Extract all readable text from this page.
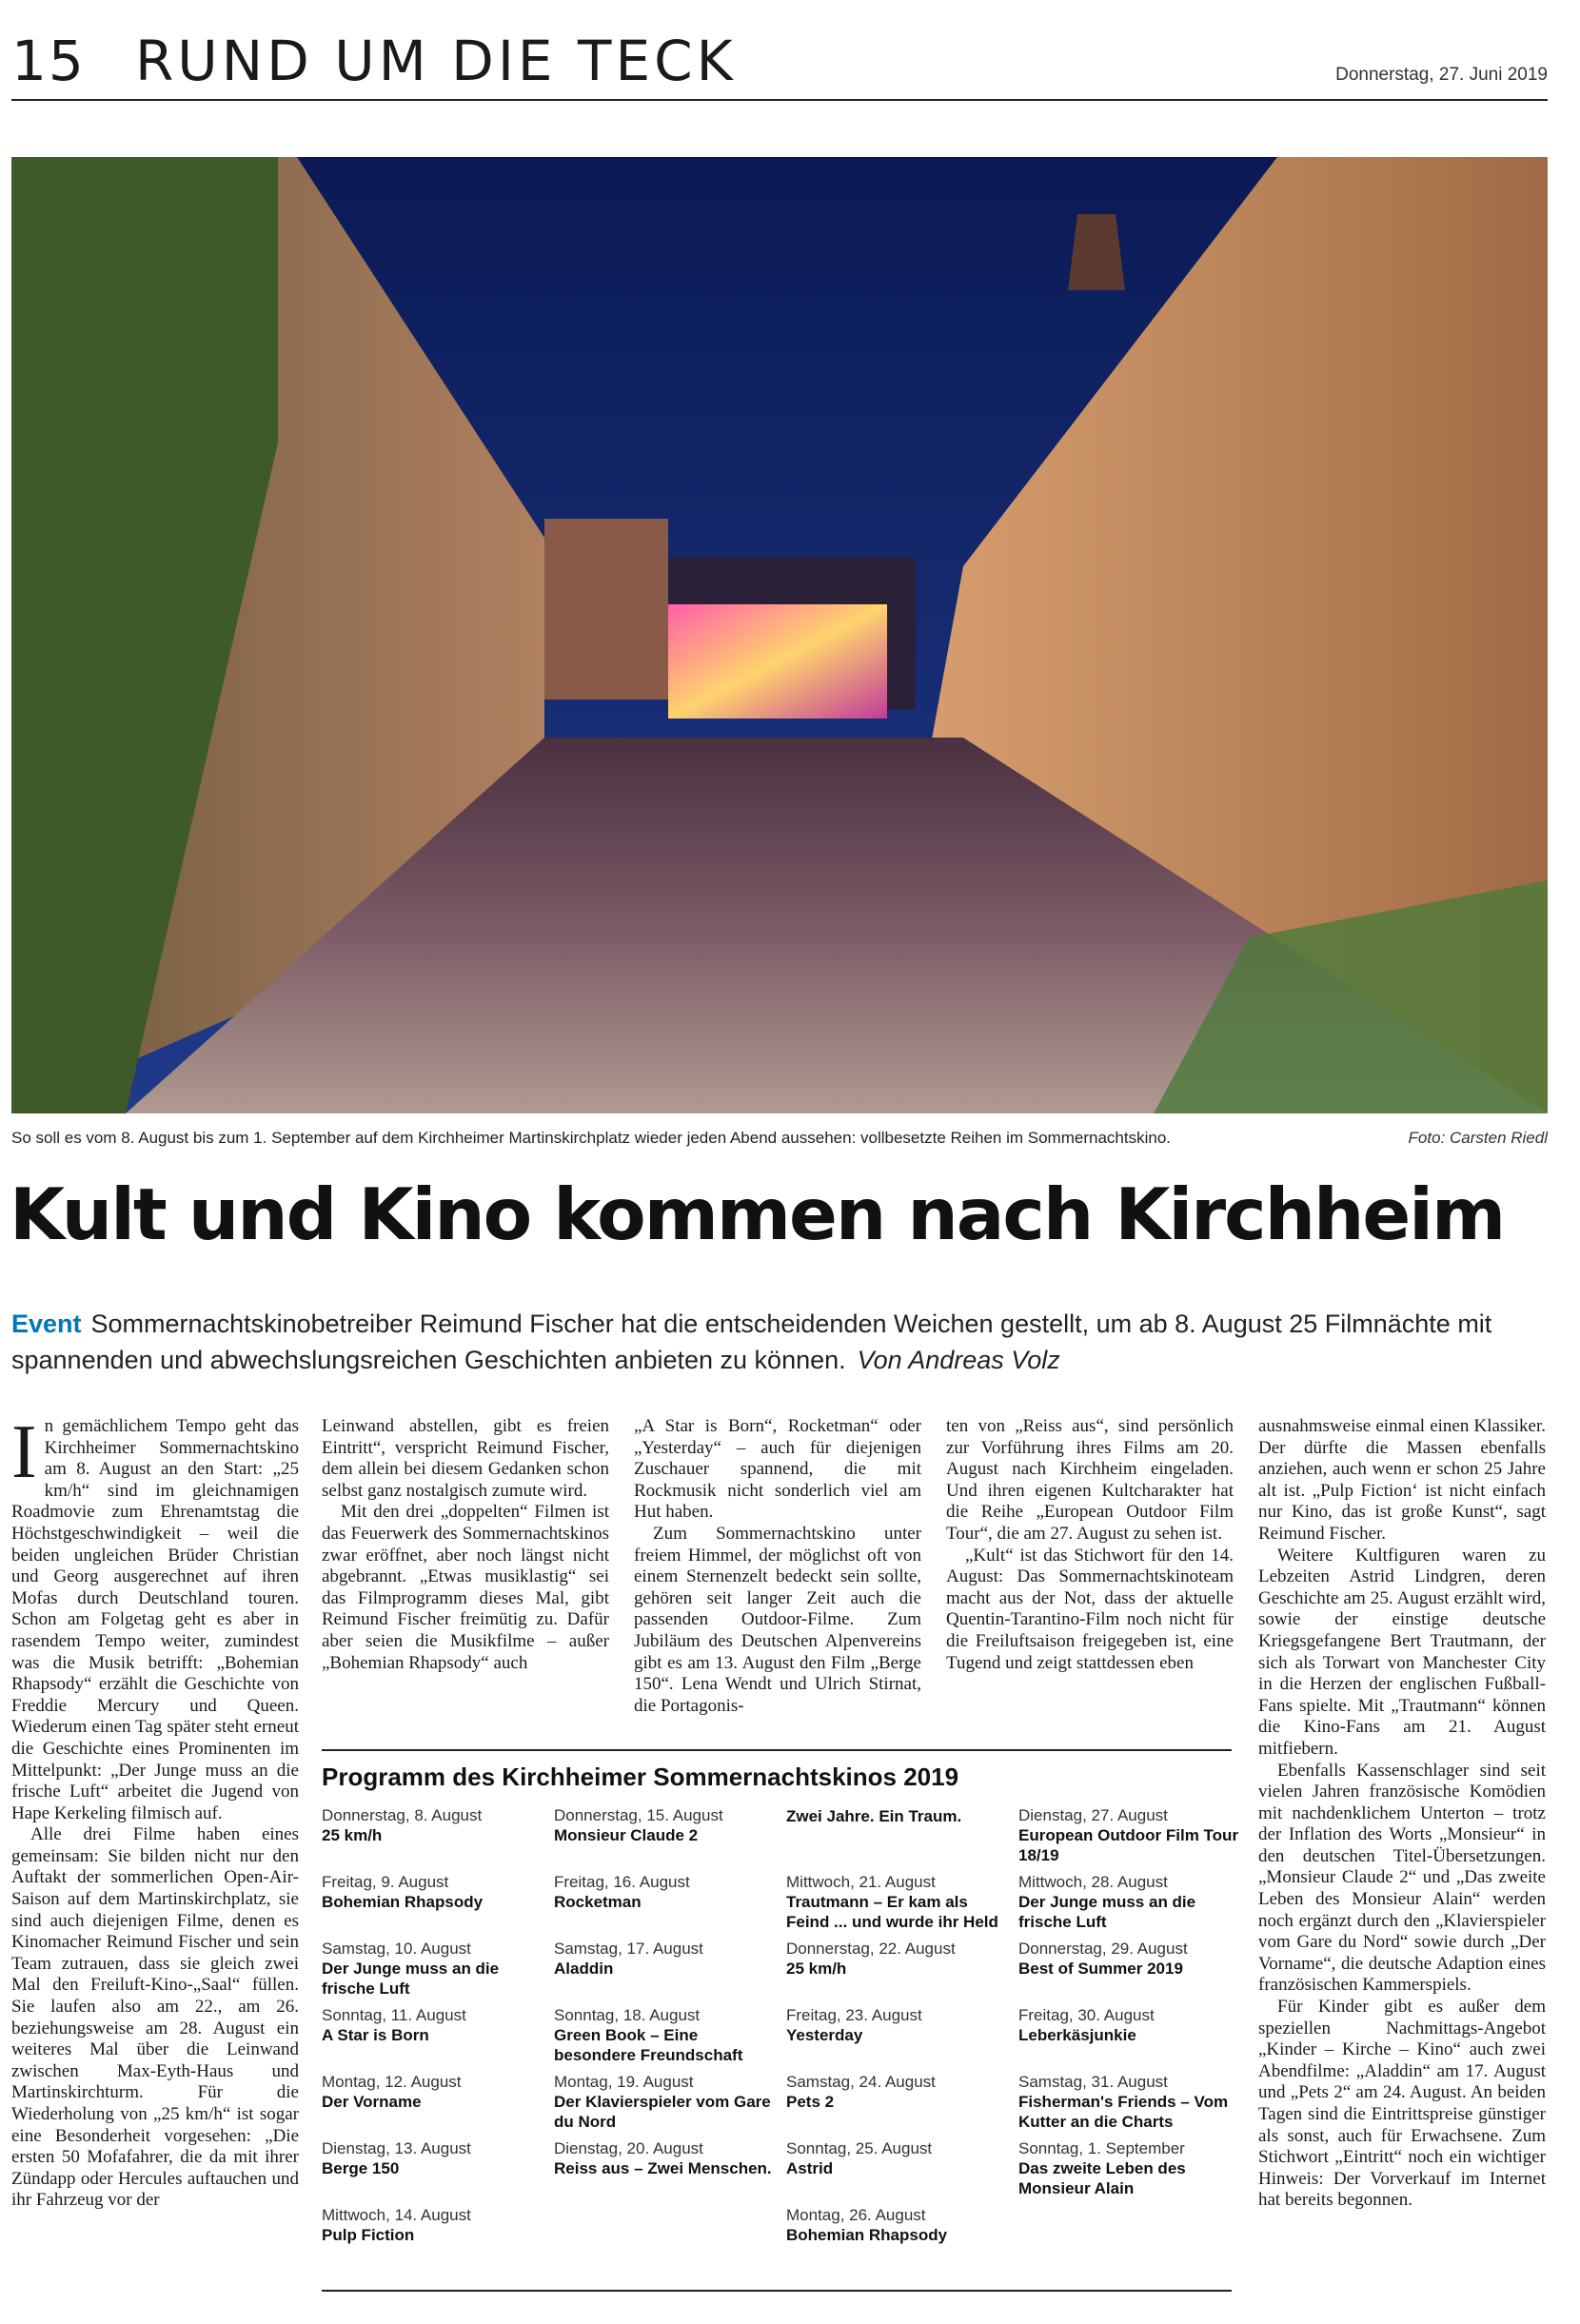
15 RUND UM DIE TECK	Donnerstag, 27. Juni 2019
So soll es vom 8. August bis zum 1. September auf dem Kirchheimer Martinskirchplatz wieder jeden Abend aussehen: vollbesetzte Reihen im Sommernachtskino.	Foto: Carsten Riedl
Kult und Kino kommen nach Kirchheim
Event Sommernachtskinobetreiber Reimund Fischer hat die entscheidenden Weichen gestellt, um ab 8. August 25 Filmnächte mit spannenden und abwechslungsreichen Geschichten anbieten zu können. Von Andreas Volz

In gemächlichem Tempo geht das Kirchheimer Sommernachtskino am 8. August an den Start: „25 km/h“ sind im gleichnamigen Roadmovie zum Ehrenamtstag die Höchstgeschwindigkeit – weil die beiden ungleichen Brüder Christian und Georg ausgerechnet auf ihren Mofas durch Deutschland touren. Schon am Folgetag geht es aber in rasendem Tempo weiter, zumindest was die Musik betrifft: „Bohemian Rhapsody“ erzählt die Geschichte von Freddie Mercury und Queen. Wiederum einen Tag später steht erneut die Geschichte eines Prominenten im Mittelpunkt: „Der Junge muss an die frische Luft“ arbeitet die Jugend von Hape Kerkeling filmisch auf.

Alle drei Filme haben eines gemeinsam: Sie bilden nicht nur den Auftakt der sommerlichen Open-Air-Saison auf dem Martinskirchplatz, sie sind auch diejenigen Filme, denen es Kinomacher Reimund Fischer und sein Team zutrauen, dass sie gleich zwei Mal den Freiluft-Kino-„Saal“ füllen. Sie laufen also am 22., am 26. beziehungsweise am 28. August ein weiteres Mal über die Leinwand zwischen Max-Eyth-Haus und Martinskirchturm. Für die Wiederholung von „25 km/h“ ist sogar eine Besonderheit vorgesehen: „Die ersten 50 Mofafahrer, die da mit ihrer Zündapp oder Hercules auftauchen und ihr Fahrzeug vor der

Leinwand abstellen, gibt es freien Eintritt“, verspricht Reimund Fischer, dem allein bei diesem Gedanken schon selbst ganz nostalgisch zumute wird.

Mit den drei „doppelten“ Filmen ist das Feuerwerk des Sommernachtskinos zwar eröffnet, aber noch längst nicht abgebrannt. „Etwas musiklastig“ sei das Filmprogramm dieses Mal, gibt Reimund Fischer freimütig zu. Dafür aber seien die Musikfilme – außer „Bohemian Rhapsody“ auch

„A Star is Born“, Rocketman“ oder „Yesterday“ – auch für diejenigen Zuschauer spannend, die mit Rockmusik nicht sonderlich viel am Hut haben.

Zum Sommernachtskino unter freiem Himmel, der möglichst oft von einem Sternenzelt bedeckt sein sollte, gehören seit langer Zeit auch die passenden Outdoor-Filme. Zum Jubiläum des Deutschen Alpenvereins gibt es am 13. August den Film „Berge 150“. Lena Wendt und Ulrich Stirnat, die Portagonis-

ten von „Reiss aus“, sind persönlich zur Vorführung ihres Films am 20. August nach Kirchheim eingeladen. Und ihren eigenen Kultcharakter hat die Reihe „European Outdoor Film Tour“, die am 27. August zu sehen ist.

„Kult“ ist das Stichwort für den 14. August: Das Sommernachtskinoteam macht aus der Not, dass der aktuelle Quentin-Tarantino-Film noch nicht für die Freiluftsaison freigegeben ist, eine Tugend und zeigt stattdessen eben

ausnahmsweise einmal einen Klassiker. Der dürfte die Massen ebenfalls anziehen, auch wenn er schon 25 Jahre alt ist. „Pulp Fiction‘ ist nicht einfach nur Kino, das ist große Kunst“, sagt Reimund Fischer.

Weitere Kultfiguren waren zu Lebzeiten Astrid Lindgren, deren Geschichte am 25. August erzählt wird, sowie der einstige deutsche Kriegsgefangene Bert Trautmann, der sich als Torwart von Manchester City in die Herzen der englischen Fußball-Fans spielte. Mit „Trautmann“ können die Kino-Fans am 21. August mitfiebern.

Ebenfalls Kassenschlager sind seit vielen Jahren französische Komödien mit nachdenklichem Unterton – trotz der Inflation des Worts „Monsieur“ in den deutschen Titel-Übersetzungen. „Monsieur Claude 2“ und „Das zweite Leben des Monsieur Alain“ werden noch ergänzt durch den „Klavierspieler vom Gare du Nord“ sowie durch „Der Vorname“, die deutsche Adaption eines französischen Kammerspiels.

Für Kinder gibt es außer dem speziellen Nachmittags-Angebot „Kinder – Kirche – Kino“ auch zwei Abendfilme: „Aladdin“ am 17. August und „Pets 2“ am 24. August. An beiden Tagen sind die Eintrittspreise günstiger als sonst, auch für Erwachsene. Zum Stichwort „Eintritt“ noch ein wichtiger Hinweis: Der Vorverkauf im Internet hat bereits begonnen.

Programm des Kirchheimer Sommernachtskinos 2019
Donnerstag, 8. August
25 km/h
Freitag, 9. August
Bohemian Rhapsody
Samstag, 10. August
Der Junge muss an die frische Luft
Sonntag, 11. August
A Star is Born
Montag, 12. August
Der Vorname
Dienstag, 13. August
Berge 150
Mittwoch, 14. August
Pulp Fiction
Donnerstag, 15. August
Monsieur Claude 2
Freitag, 16. August
Rocketman
Samstag, 17. August
Aladdin
Sonntag, 18. August
Green Book – Eine besondere Freundschaft
Montag, 19. August
Der Klavierspieler vom Gare du Nord
Dienstag, 20. August
Reiss aus – Zwei Menschen.
Zwei Jahre. Ein Traum.
Mittwoch, 21. August
Trautmann – Er kam als Feind ... und wurde ihr Held
Donnerstag, 22. August
25 km/h
Freitag, 23. August
Yesterday
Samstag, 24. August
Pets 2
Sonntag, 25. August
Astrid
Montag, 26. August
Bohemian Rhapsody
Dienstag, 27. August
European Outdoor Film Tour 18/19
Mittwoch, 28. August
Der Junge muss an die frische Luft
Donnerstag, 29. August
Best of Summer 2019
Freitag, 30. August
Leberkäsjunkie
Samstag, 31. August
Fisherman's Friends – Vom Kutter an die Charts
Sonntag, 1. September
Das zweite Leben des Monsieur Alain
